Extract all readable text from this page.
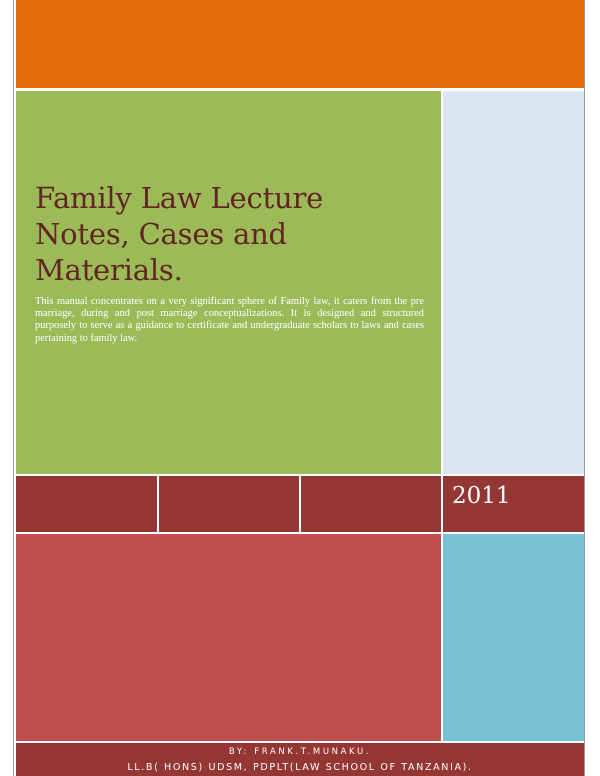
Family Law Lecture Notes, Cases and Materials.

This manual concentrates on a very significant sphere of Family law, it caters from the pre marriage, during and post marriage conceptualizations. It is designed and structured purposely to serve as a guidance to certificate and undergraduate scholars to laws and cases pertaining to family law.

2011
BY: FRANK.T.MUNAKU.
LL.B( HONS) UDSM, PDPLT(LAW SCHOOL OF TANZANIA).
